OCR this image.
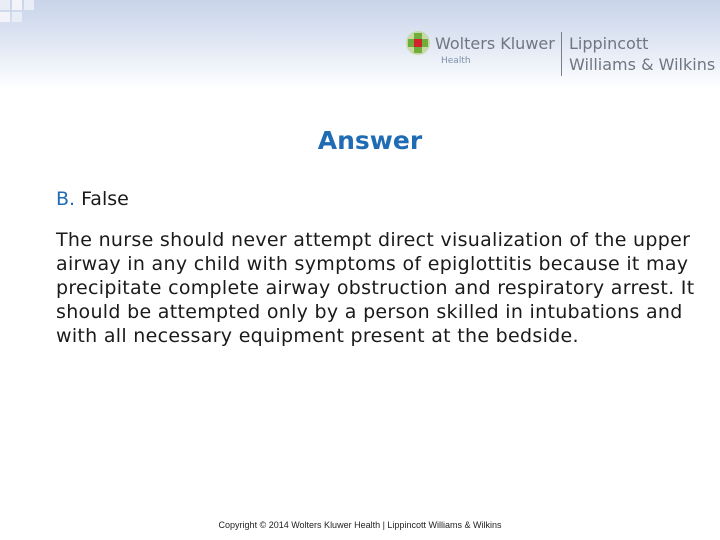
Wolters Kluwer
Health
Lippincott
Williams & Wilkins
Answer
B. False
The nurse should never attempt direct visualization of the upper airway in any child with symptoms of epiglottitis because it may precipitate complete airway obstruction and respiratory arrest. It should be attempted only by a person skilled in intubations and with all necessary equipment present at the bedside.
Copyright © 2014 Wolters Kluwer Health | Lippincott Williams & Wilkins
